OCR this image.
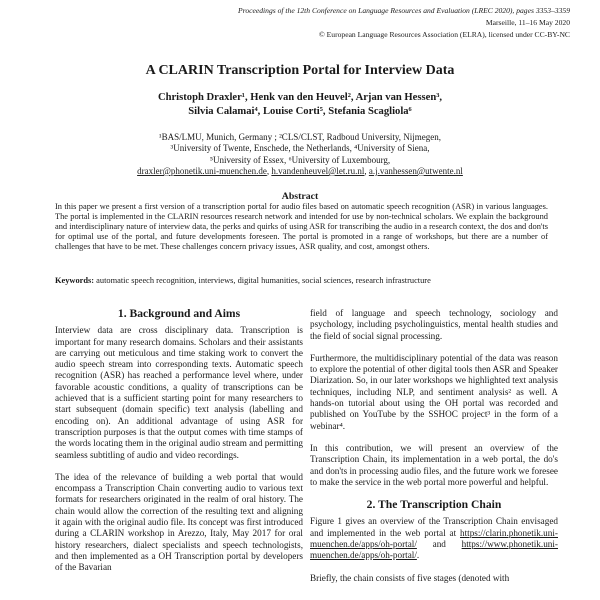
Proceedings of the 12th Conference on Language Resources and Evaluation (LREC 2020), pages 3353–3359
Marseille, 11–16 May 2020
© European Language Resources Association (ELRA), licensed under CC-BY-NC
A CLARIN Transcription Portal for Interview Data
Christoph Draxler¹, Henk van den Heuvel², Arjan van Hessen³,
Silvia Calamai⁴, Louise Corti⁵, Stefania Scagliola⁶
¹BAS/LMU, Munich, Germany ; ²CLS/CLST, Radboud University, Nijmegen,
³University of Twente, Enschede, the Netherlands, ⁴University of Siena,
⁵University of Essex, ⁶University of Luxembourg,
draxler@phonetik.uni-muenchen.de, h.vandenheuvel@let.ru.nl, a.j.vanhessen@utwente.nl
Abstract
In this paper we present a first version of a transcription portal for audio files based on automatic speech recognition (ASR) in various languages. The portal is implemented in the CLARIN resources research network and intended for use by non-technical scholars. We explain the background and interdisciplinary nature of interview data, the perks and quirks of using ASR for transcribing the audio in a research context, the dos and don'ts for optimal use of the portal, and future developments foreseen. The portal is promoted in a range of workshops, but there are a number of challenges that have to be met. These challenges concern privacy issues, ASR quality, and cost, amongst others.
Keywords: automatic speech recognition, interviews, digital humanities, social sciences, research infrastructure
1. Background and Aims

Interview data are cross disciplinary data. Transcription is important for many research domains. Scholars and their assistants are carrying out meticulous and time staking work to convert the audio speech stream into corresponding texts. Automatic speech recognition (ASR) has reached a performance level where, under favorable acoustic conditions, a quality of transcriptions can be achieved that is a sufficient starting point for many researchers to start subsequent (domain specific) text analysis (labelling and encoding on). An additional advantage of using ASR for transcription purposes is that the output comes with time stamps of the words locating them in the original audio stream and permitting seamless subtitling of audio and video recordings.

The idea of the relevance of building a web portal that would encompass a Transcription Chain converting audio to various text formats for researchers originated in the realm of oral history. The chain would allow the correction of the resulting text and aligning it again with the original audio file. Its concept was first introduced during a CLARIN workshop in Arezzo, Italy, May 2017 for oral history researchers, dialect specialists and speech technologists, and then implemented as a OH Transcription portal by developers of the Bavarian

field of language and speech technology, sociology and psychology, including psycholinguistics, mental health studies and the field of social signal processing.

Furthermore, the multidisciplinary potential of the data was reason to explore the potential of other digital tools then ASR and Speaker Diarization. So, in our later workshops we highlighted text analysis techniques, including NLP, and sentiment analysis² as well. A hands-on tutorial about using the OH portal was recorded and published on YouTube by the SSHOC project³ in the form of a webinar⁴.

In this contribution, we will present an overview of the Transcription Chain, its implementation in a web portal, the do's and don'ts in processing audio files, and the future work we foresee to make the service in the web portal more powerful and helpful.

2. The Transcription Chain

Figure 1 gives an overview of the Transcription Chain envisaged and implemented in the web portal at https://clarin.phonetik.uni-muenchen.de/apps/oh-portal/ and https://www.phonetik.uni-muenchen.de/apps/oh-portal/.

Briefly, the chain consists of five stages (denoted with
